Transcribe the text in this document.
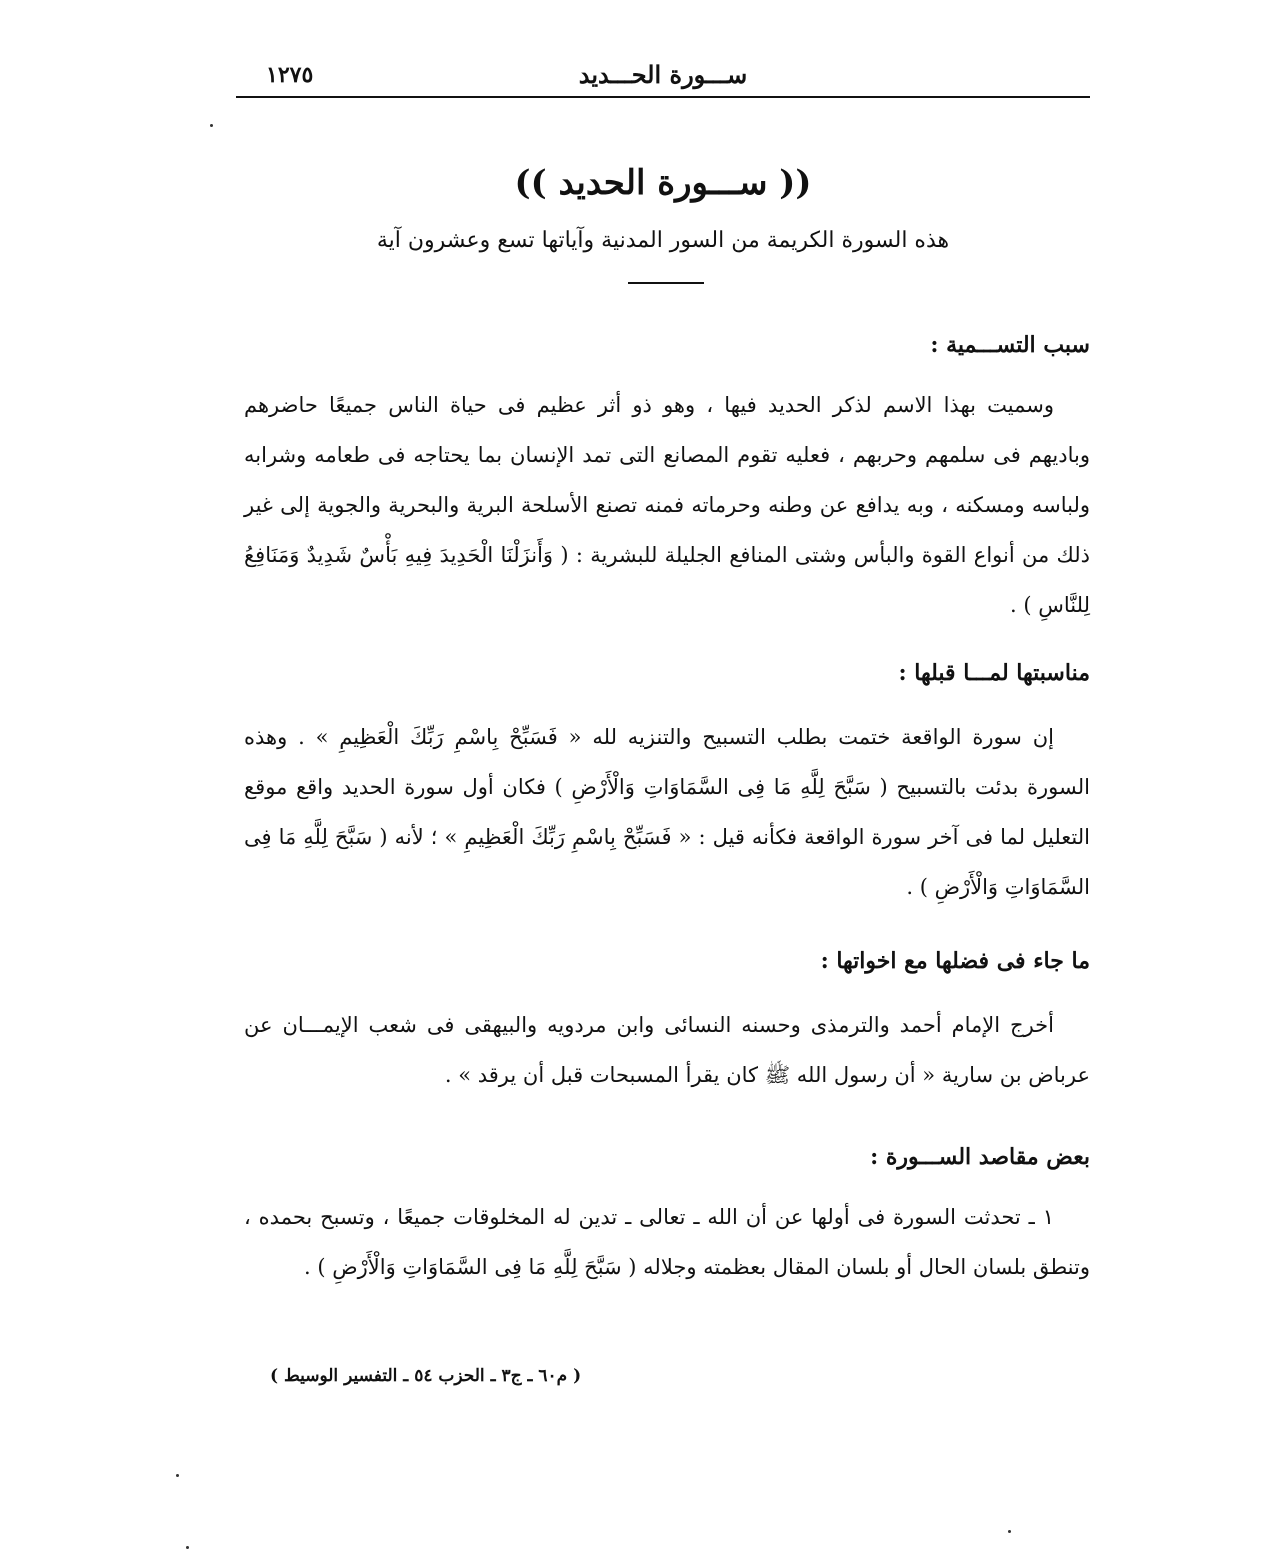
ســـورة الحـــديد
١٢٧٥
(( ســـورة الحديد ))
هذه السورة الكريمة من السور المدنية وآياتها تسع وعشرون آية
سبب التســـمية :
وسميت بهذا الاسم لذكر الحديد فيها ، وهو ذو أثر عظيم فى حياة الناس جميعًا حاضرهم وباديهم فى سلمهم وحربهم ، فعليه تقوم المصانع التى تمد الإنسان بما يحتاجه فى طعامه وشرابه ولباسه ومسكنه ، وبه يدافع عن وطنه وحرماته فمنه تصنع الأسلحة البرية والبحرية والجوية إلى غير ذلك من أنواع القوة والبأس وشتى المنافع الجليلة للبشرية : ( وَأَنزَلْنَا الْحَدِيدَ فِيهِ بَأْسٌ شَدِيدٌ وَمَنَافِعُ لِلنَّاسِ ) .
مناسبتها لمـــا قبلها :
إن سورة الواقعة ختمت بطلب التسبيح والتنزيه لله « فَسَبِّحْ بِاسْمِ رَبِّكَ الْعَظِيمِ » . وهذه السورة بدئت بالتسبيح ( سَبَّحَ لِلَّهِ مَا فِى السَّمَاوَاتِ وَالْأَرْضِ ) فكان أول سورة الحديد واقع موقع التعليل لما فى آخر سورة الواقعة فكأنه قيل : « فَسَبِّحْ بِاسْمِ رَبِّكَ الْعَظِيمِ » ؛ لأنه ( سَبَّحَ لِلَّهِ مَا فِى السَّمَاوَاتِ وَالْأَرْضِ ) .
ما جاء فى فضلها مع اخواتها :
أخرج الإمام أحمد والترمذى وحسنه النسائى وابن مردويه والبيهقى فى شعب الإيمـــان عن عرباض بن سارية « أن رسول الله ﷺ كان يقرأ المسبحات قبل أن يرقد » .
بعض مقاصد الســـورة :
١ ـ تحدثت السورة فى أولها عن أن الله ـ تعالى ـ تدين له المخلوقات جميعًا ، وتسبح بحمده ، وتنطق بلسان الحال أو بلسان المقال بعظمته وجلاله ( سَبَّحَ لِلَّهِ مَا فِى السَّمَاوَاتِ وَالْأَرْضِ ) .
( م٦٠ ـ ج٣ ـ الحزب ٥٤ ـ التفسير الوسيط )
